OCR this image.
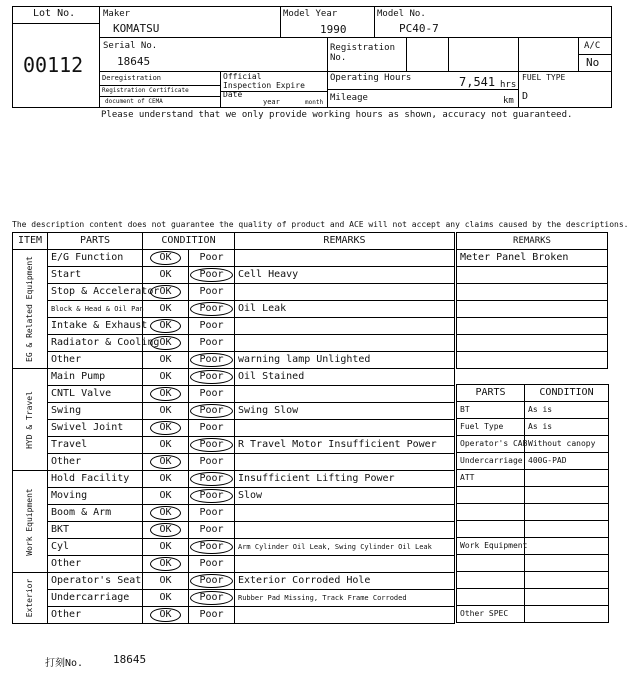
Lot No.
00112
Maker
KOMATSU
Model Year
1990
Model No.
PC40-7
Serial No.
18645
Registration No.
A/C
No
Deregistration
Registration Certificate
document of CEMA
Official Inspection Expire Date
year	month
Operating Hours	7,541 hrs
Mileage	km
FUEL TYPE
D
Please understand that we only provide working hours as shown, accuracy not guaranteed.
The description content does not guarantee the quality of product and ACE will not accept any claims caused by the descriptions.
ITEM	PARTS	CONDITION		REMARKS

EG & Related Equipment	E/G Function	OK	Poor	
	Start	OK	Poor	Cell Heavy
	Stop & Accelerator	OK	Poor	
	Block & Head & Oil Pan	OK	Poor	Oil Leak
	Intake & Exhaust	OK	Poor	
	Radiator & Cooling	OK	Poor	
	Other	OK	Poor	warning lamp Unlighted

HYD & Travel	Main Pump	OK	Poor	Oil Stained
	CNTL Valve	OK	Poor	
	Swing	OK	Poor	Swing Slow
	Swivel Joint	OK	Poor	
	Travel	OK	Poor	R Travel Motor Insufficient Power
	Other	OK	Poor	

Work Equipment	Hold Facility	OK	Poor	Insufficient Lifting Power
	Moving	OK	Poor	Slow
	Boom & Arm	OK	Poor	
	BKT	OK	Poor	
	Cyl	OK	Poor	Arm Cylinder Oil Leak, Swing Cylinder Oil Leak
	Other	OK	Poor	

Exterior	Operator's Seat	OK	Poor	Exterior Corroded Hole
	Undercarriage	OK	Poor	Rubber Pad Missing, Track Frame Corroded
	Other	OK	Poor	
REMARKS
Meter Panel Broken

PARTS	CONDITION
BT	As is
Fuel Type	As is
Operator's CAB	Without canopy
Undercarriage	400G-PAD
ATT	

Work Equipment	

Other SPEC	
打刻No.	18645
